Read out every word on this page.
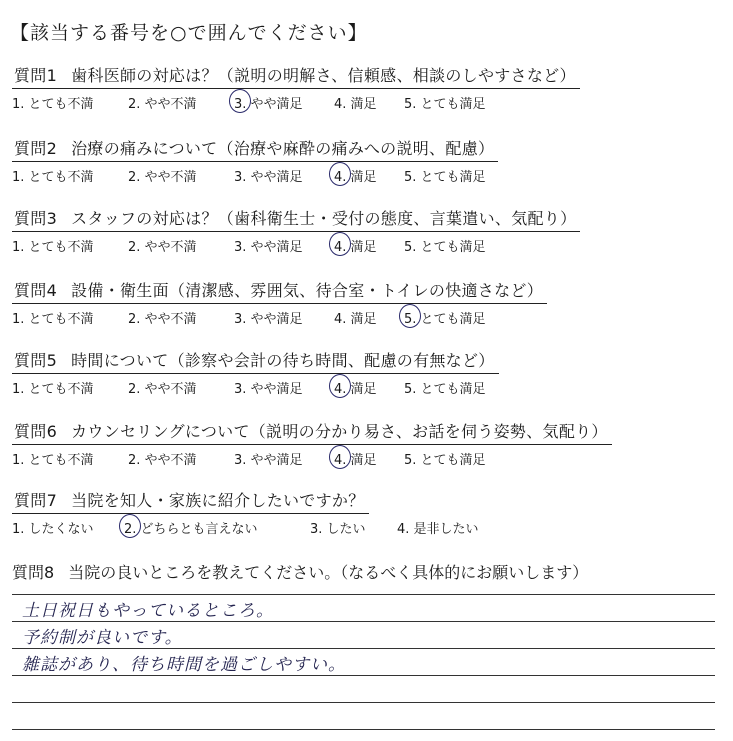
【該当する番号を○で囲んでください】
質問1 歯科医師の対応は？（説明の明解さ、信頼感、相談のしやすさなど）
1. とても不満	2. やや不満	3. やや満足 4. 満足 5. とても満足
質問2 治療の痛みについて（治療や麻酔の痛みへの説明、配慮）
1. とても不満	2. やや不満	3. やや満足 4. 満足 5. とても満足
質問3 スタッフの対応は？（歯科衛生士・受付の態度、言葉遣い、気配り）
1. とても不満	2. やや不満	3. やや満足 4. 満足 5. とても満足
質問4 設備・衛生面（清潔感、雰囲気、待合室・トイレの快適さなど）
1. とても不満	2. やや不満	3. やや満足 4. 満足 5. とても満足
質問5 時間について（診察や会計の待ち時間、配慮の有無など）
1. とても不満	2. やや不満	3. やや満足 4. 満足 5. とても満足
質問6 カウンセリングについて（説明の分かり易さ、お話を伺う姿勢、気配り）
1. とても不満	2. やや不満	3. やや満足 4. 満足 5. とても満足
質問7 当院を知人・家族に紹介したいですか？
1. したくない 2. どちらとも言えない	3. したい 4. 是非したい
質問8 当院の良いところを教えてください。（なるべく具体的にお願いします）
土日祝日もやっているところ。
予約制が良いです。
雑誌があり、待ち時間を過ごしやすい。
